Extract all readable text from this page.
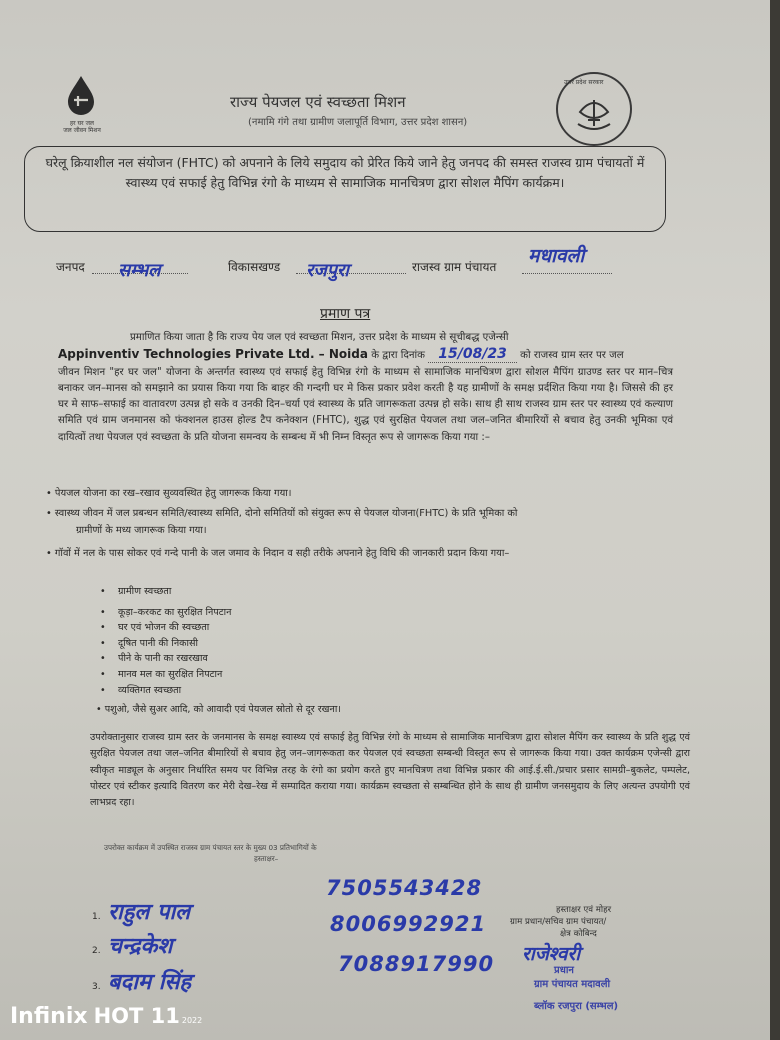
हर घर जल
जल जीवन मिशन
राज्य पेयजल एवं स्वच्छता मिशन
(नमामि गंगे तथा ग्रामीण जलापूर्ति विभाग, उत्तर प्रदेश शासन)
उत्तर प्रदेश सरकार

घरेलू क्रियाशील नल संयोजन (FHTC) को अपनाने के लिये समुदाय को प्रेरित किये जाने हेतु जनपद की समस्त राजस्व ग्राम पंचायतों में स्वास्थ्य एवं सफाई हेतु विभिन्न रंगो के माध्यम से सामाजिक मानचित्रण द्वारा सोशल मैपिंग कार्यक्रम।

जनपद सम्भल	विकासखण्ड रजपुरा	राजस्व ग्राम पंचायत मधावली
प्रमाण पत्र
प्रमाणित किया जाता है कि राज्य पेय जल एवं स्वच्छता मिशन, उत्तर प्रदेश के माध्यम से सूचीबद्ध एजेन्सी
Appinventiv Technologies Private Ltd. – Noida के द्वारा दिनांक 15/08/23 को राजस्व ग्राम स्तर पर जल
जीवन मिशन "हर घर जल" योजना के अन्तर्गत स्वास्थ्य एवं सफाई हेतु विभिन्न रंगो के माध्यम से सामाजिक मानचित्रण द्वारा सोशल मैपिंग ग्राउण्ड स्तर पर मान–चित्र बनाकर जन–मानस को समझाने का प्रयास किया गया कि बाहर की गन्दगी घर मे किस प्रकार प्रवेश करती है यह ग्रामीणों के समक्ष प्रर्दशित किया गया है। जिससे की हर घर मे साफ–सफाई का वातावरण उत्पन्न हो सके व उनकी दिन–चर्या एवं स्वास्थ्य के प्रति जागरूकता उत्पन्न हो सके। साथ ही साथ राजस्व ग्राम स्तर पर स्वास्थ्य एवं कल्याण समिति एवं ग्राम जनमानस को फंक्शनल हाउस होल्ड टैप कनेक्शन (FHTC), शुद्ध एवं सुरक्षित पेयजल तथा जल–जनित बीमारियों से बचाव हेतु उनकी भूमिका एवं दायित्वों तथा पेयजल एवं स्वच्छता के प्रति योजना समन्वय के सम्बन्ध में भी निम्न विस्तृत रूप से जागरूक किया गया :–
• पेयजल योजना का रख–रखाव सुव्यवस्थित हेतु जागरूक किया गया।
• स्वास्थ्य जीवन में जल प्रबन्धन समिति/स्वास्थ्य समिति, दोनो समितियों को संयुक्त रूप से पेयजल योजना(FHTC) के प्रति भूमिका को
ग्रामीणों के मध्य जागरूक किया गया।
• गॉवों में नल के पास सोकर एवं गन्दे पानी के जल जमाव के निदान व सही तरीके अपनाने हेतु विधि की जानकारी प्रदान किया गया–
• ग्रामीण स्वच्छता
• कूड़ा–करकट का सुरक्षित निपटान
• घर एवं भोजन की स्वच्छता
• दूषित पानी की निकासी
• पीने के पानी का रखरखाव
• मानव मल का सुरक्षित निपटान
• व्यक्तिगत स्वच्छता
• पशुओ, जैसे सुअर आदि, को आवादी एवं पेयजल स्रोतो से दूर रखना।
उपरोक्तानुसार राजस्व ग्राम स्तर के जनमानस के समक्ष स्वास्थ्य एवं सफाई हेतु विभिन्न रंगो के माध्यम से सामाजिक मानचित्रण द्वारा सोशल मैपिंग कर स्वास्थ्य के प्रति शुद्ध एवं सुरक्षित पेयजल तथा जल–जनित बीमारियों से बचाव हेतु जन–जागरूकता कर पेयजल एवं स्वच्छता सम्बन्धी विस्तृत रूप से जागरूक किया गया। उक्त कार्यक्रम एजेन्सी द्वारा स्वीकृत माड्यूल के अनुसार निर्धारित समय पर विभिन्न तरह के रंगो का प्रयोग करते हुए मानचित्रण तथा विभिन्न प्रकार की आई.ई.सी./प्रचार प्रसार सामग्री–बुकलेट, पम्पलेट, पोस्टर एवं स्टीकर इत्यादि वितरण कर मेरी देख–रेख में सम्पादित कराया गया। कार्यक्रम स्वच्छता से सम्बन्धित होने के साथ ही ग्रामीण जनसमुदाय के लिए अत्यन्त उपयोगी एवं लाभप्रद रहा।
उपरोक्त कार्यक्रम में उपस्थित राजस्व ग्राम पंचायत स्तर के मुख्य 03 प्रतिभागियों के
हस्ताक्षर–
1. राहुल पाल
2. चन्द्रकेश
3. बदाम सिंह
7505543428
8006992921
7088917990
हस्ताक्षर एवं मोहर
ग्राम प्रधान/सचिव ग्राम पंचायत/
क्षेत्र कोबिन्द
राजेश्वरी
प्रधान
ग्राम पंचायत मदावली
ब्लॉक रजपुरा (सम्भल)
Infinix HOT 11 2022
